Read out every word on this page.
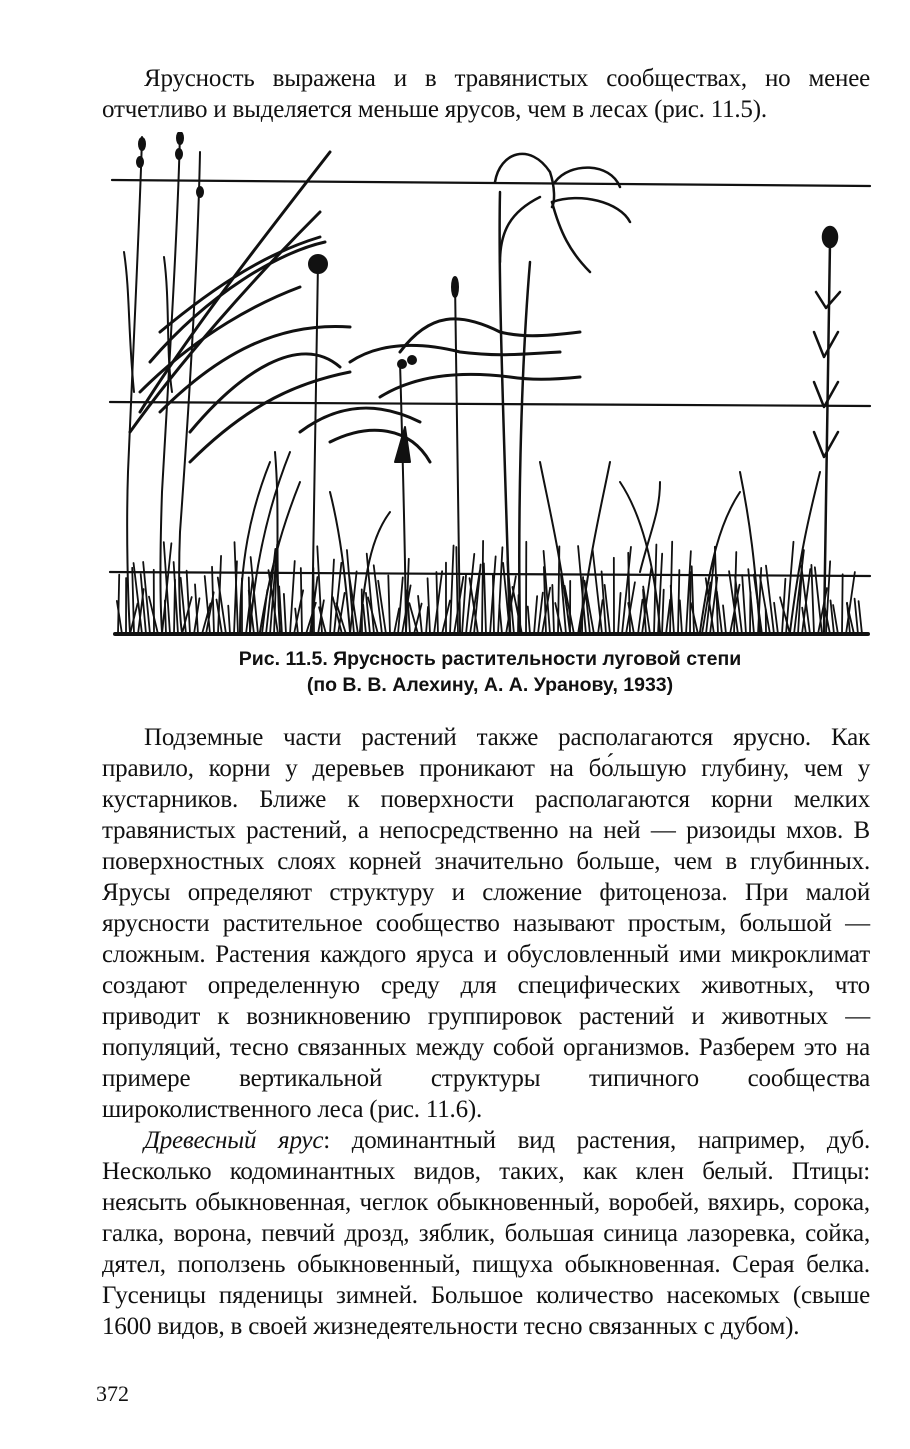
Ярусность выражена и в травянистых сообществах, но менее отчетливо и выделяется меньше ярусов, чем в лесах (рис. 11.5).

Рис. 11.5. Ярусность растительности луговой степи
(по В. В. Алехину, А. А. Уранову, 1933)

Подземные части растений также располагаются ярусно. Как правило, корни у деревьев проникают на бо́льшую глубину, чем у кустарников. Ближе к поверхности располагаются корни мелких травянистых растений, а непосредственно на ней — ризоиды мхов. В поверхностных слоях корней значительно больше, чем в глубинных. Ярусы определяют структуру и сложение фитоценоза. При малой ярусности растительное сообщество называют простым, большой — сложным. Растения каждого яруса и обусловленный ими микроклимат создают определенную среду для специфических животных, что приводит к возникновению группировок растений и животных — популяций, тесно связанных между собой организмов. Разберем это на примере вертикальной структуры типичного сообщества широколиственного леса (рис. 11.6).

Древесный ярус: доминантный вид растения, например, дуб. Несколько кодоминантных видов, таких, как клен белый. Птицы: неясыть обыкновенная, чеглок обыкновенный, воробей, вяхирь, сорока, галка, ворона, певчий дрозд, зяблик, большая синица лазоревка, сойка, дятел, поползень обыкновенный, пищуха обыкновенная. Серая белка. Гусеницы пяденицы зимней. Большое количество насекомых (свыше 1600 видов, в своей жизнедеятельности тесно связанных с дубом).

372
